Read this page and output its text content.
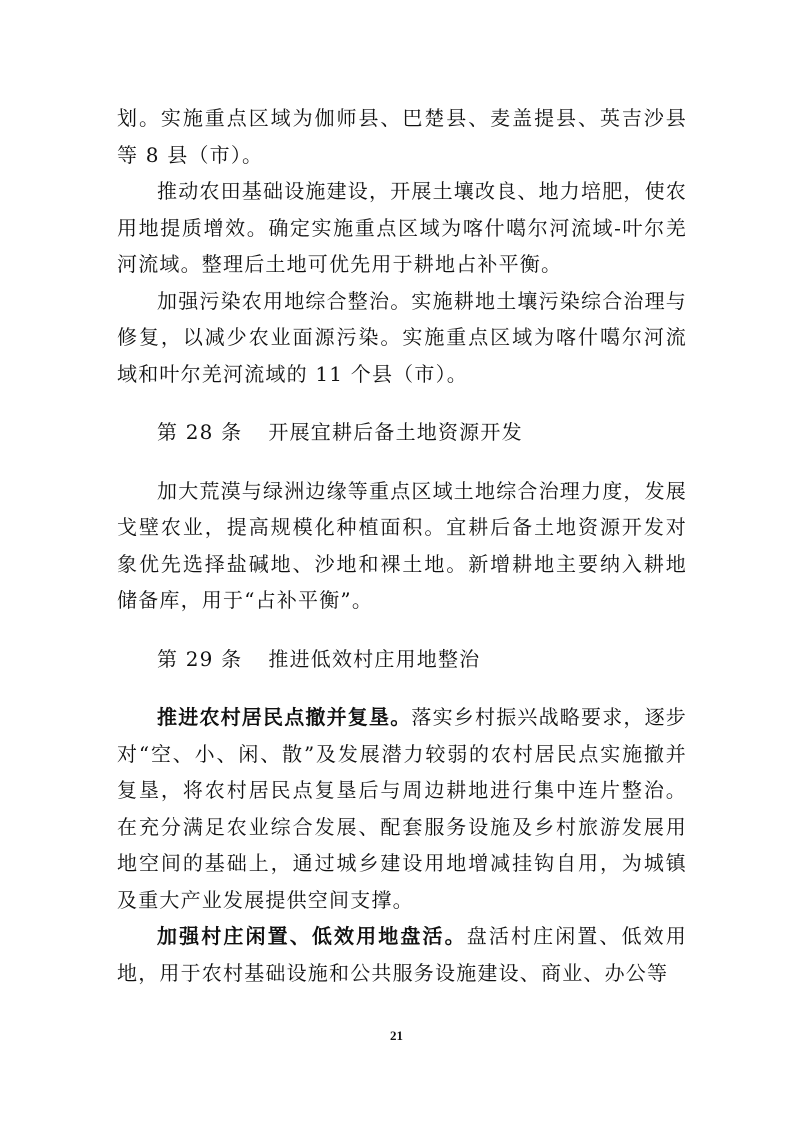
划。实施重点区域为伽师县、巴楚县、麦盖提县、英吉沙县等 8 县（市）。

推动农田基础设施建设，开展土壤改良、地力培肥，使农用地提质增效。确定实施重点区域为喀什噶尔河流域-叶尔羌河流域。整理后土地可优先用于耕地占补平衡。

加强污染农用地综合整治。实施耕地土壤污染综合治理与修复，以减少农业面源污染。实施重点区域为喀什噶尔河流域和叶尔羌河流域的 11 个县（市）。

第 28 条 开展宜耕后备土地资源开发

加大荒漠与绿洲边缘等重点区域土地综合治理力度，发展戈壁农业，提高规模化种植面积。宜耕后备土地资源开发对象优先选择盐碱地、沙地和裸土地。新增耕地主要纳入耕地储备库，用于“占补平衡”。

第 29 条 推进低效村庄用地整治

推进农村居民点撤并复垦。落实乡村振兴战略要求，逐步对“空、小、闲、散”及发展潜力较弱的农村居民点实施撤并复垦，将农村居民点复垦后与周边耕地进行集中连片整治。在充分满足农业综合发展、配套服务设施及乡村旅游发展用地空间的基础上，通过城乡建设用地增减挂钩自用，为城镇及重大产业发展提供空间支撑。

加强村庄闲置、低效用地盘活。盘活村庄闲置、低效用地，用于农村基础设施和公共服务设施建设、商业、办公等

21
